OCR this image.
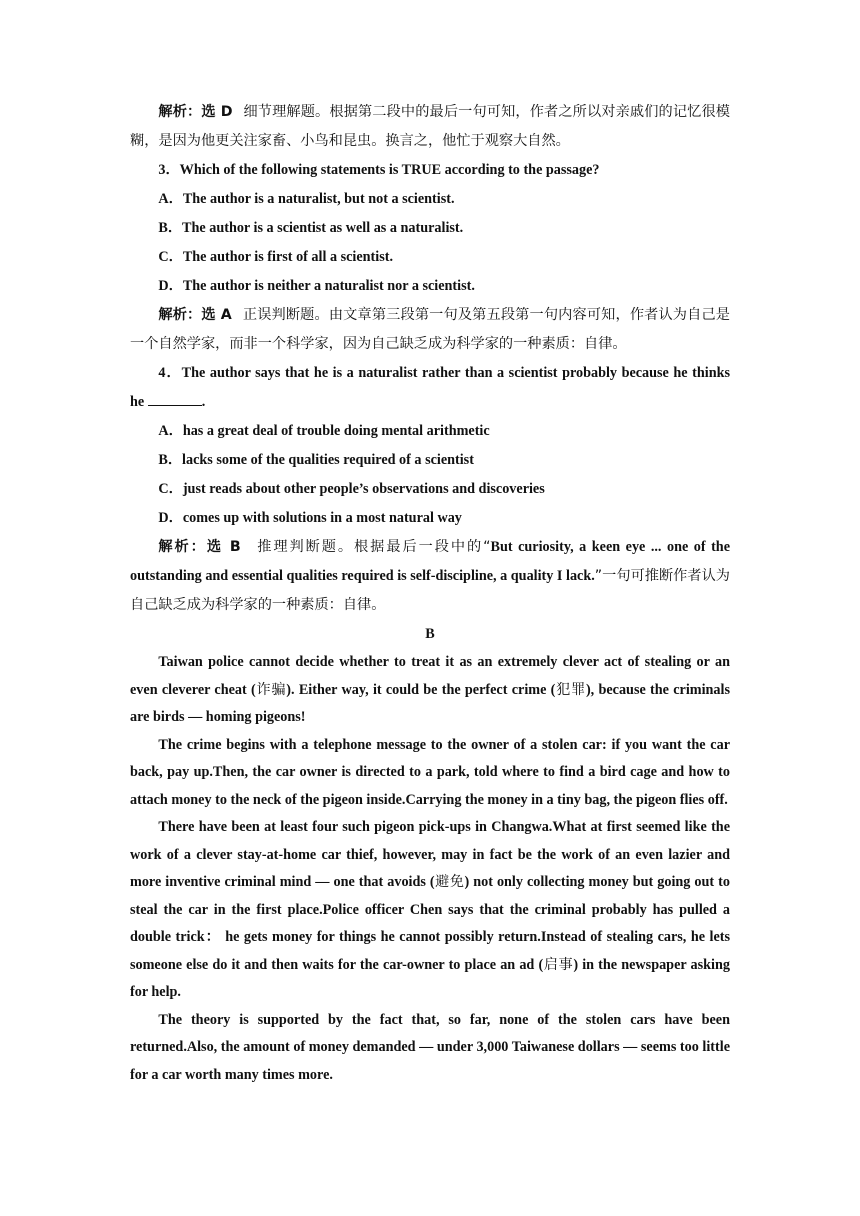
解析：选 D 细节理解题。根据第二段中的最后一句可知，作者之所以对亲戚们的记忆很模糊，是因为他更关注家畜、小鸟和昆虫。换言之，他忙于观察大自然。

3．Which of the following statements is TRUE according to the passage?

A．The author is a naturalist, but not a scientist.

B．The author is a scientist as well as a naturalist.

C．The author is first of all a scientist.

D．The author is neither a naturalist nor a scientist.

解析：选 A 正误判断题。由文章第三段第一句及第五段第一句内容可知，作者认为自己是一个自然学家，而非一个科学家，因为自己缺乏成为科学家的一种素质：自律。

4．The author says that he is a naturalist rather than a scientist probably because he thinks he	.

A．has a great deal of trouble doing mental arithmetic

B．lacks some of the qualities required of a scientist

C．just reads about other people’s observations and discoveries

D．comes up with solutions in a most natural way

解析：选 B 推理判断题。根据最后一段中的“But curiosity, a keen eye ... one of the outstanding and essential qualities required is self-discipline, a quality I lack.”一句可推断作者认为自己缺乏成为科学家的一种素质：自律。

B

Taiwan police cannot decide whether to treat it as an extremely clever act of stealing or an even cleverer cheat (诈骗). Either way, it could be the perfect crime (犯罪), because the criminals are birds — homing pigeons!

The crime begins with a telephone message to the owner of a stolen car: if you want the car back, pay up.Then, the car owner is directed to a park, told where to find a bird cage and how to attach money to the neck of the pigeon inside.Carrying the money in a tiny bag, the pigeon flies off.

There have been at least four such pigeon pick-ups in Changwa.What at first seemed like the work of a clever stay-at-home car thief, however, may in fact be the work of an even lazier and more inventive criminal mind — one that avoids (避免) not only collecting money but going out to steal the car in the first place.Police officer Chen says that the criminal probably has pulled a double trick： he gets money for things he cannot possibly return.Instead of stealing cars, he lets someone else do it and then waits for the car-owner to place an ad (启事) in the newspaper asking for help.

The theory is supported by the fact that, so far, none of the stolen cars have been returned.Also, the amount of money demanded — under 3,000 Taiwanese dollars — seems too little for a car worth many times more.
